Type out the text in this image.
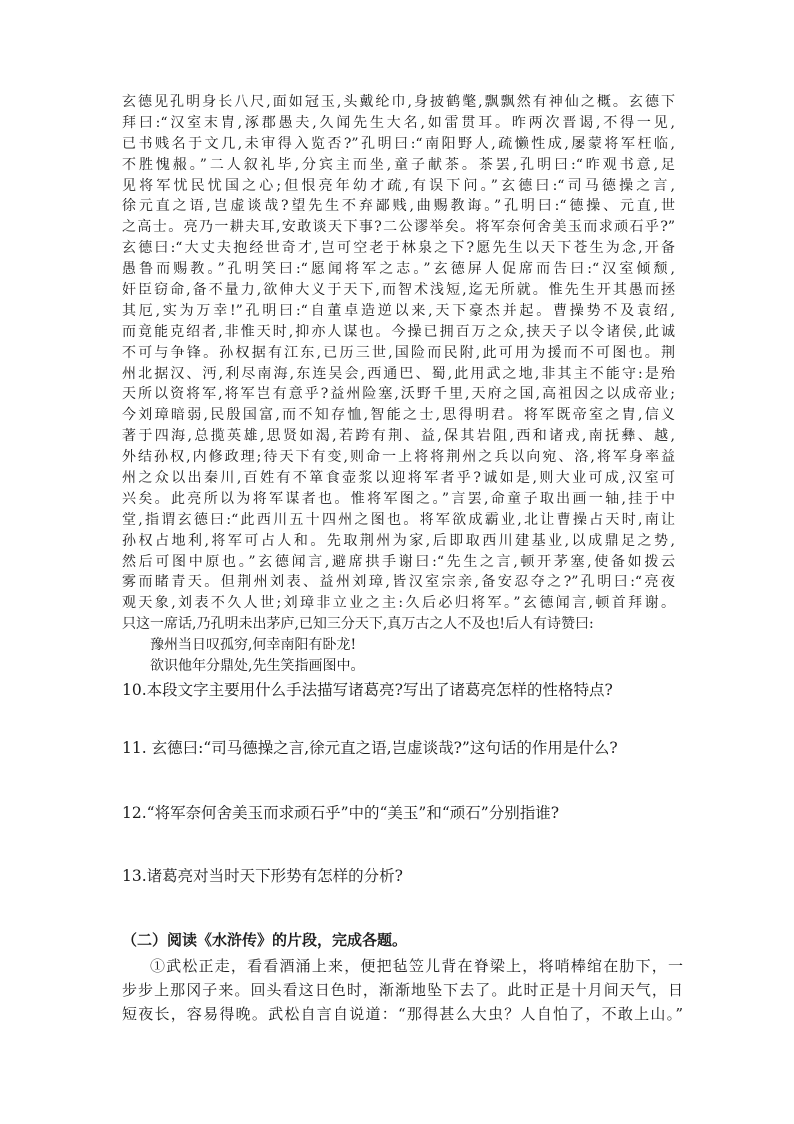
玄德见孔明身长八尺,面如冠玉,头戴纶巾,身披鹤氅,飘飘然有神仙之概。玄德下
拜曰:“汉室末胄,涿郡愚夫,久闻先生大名,如雷贯耳。昨两次晋谒,不得一见,
已书贱名于文几,未审得入览否?”孔明曰:“南阳野人,疏懒性成,屡蒙将军枉临,
不胜愧赧。”二人叙礼毕,分宾主而坐,童子献茶。茶罢,孔明曰:“昨观书意,足
见将军忧民忧国之心;但恨亮年幼才疏,有误下问。”玄德曰:“司马德操之言,
徐元直之语,岂虚谈哉?望先生不弃鄙贱,曲赐教诲。”孔明曰:“德操、元直,世
之高士。亮乃一耕夫耳,安敢谈天下事?二公谬举矣。将军奈何舍美玉而求顽石乎?”
玄德曰:“大丈夫抱经世奇才,岂可空老于林泉之下?愿先生以天下苍生为念,开备
愚鲁而赐教。”孔明笑曰:“愿闻将军之志。”玄德屏人促席而告曰:“汉室倾颓,
奸臣窃命,备不量力,欲伸大义于天下,而智术浅短,迄无所就。惟先生开其愚而拯
其厄,实为万幸!”孔明曰:“自董卓造逆以来,天下豪杰并起。曹操势不及袁绍,
而竟能克绍者,非惟天时,抑亦人谋也。今操已拥百万之众,挟天子以令诸侯,此诚
不可与争锋。孙权据有江东,已历三世,国险而民附,此可用为援而不可图也。荆
州北据汉、沔,利尽南海,东连吴会,西通巴、蜀,此用武之地,非其主不能守:是殆
天所以资将军,将军岂有意乎?益州险塞,沃野千里,天府之国,高祖因之以成帝业;
今刘璋暗弱,民殷国富,而不知存恤,智能之士,思得明君。将军既帝室之胄,信义
著于四海,总揽英雄,思贤如渴,若跨有荆、益,保其岩阻,西和诸戎,南抚彝、越,
外结孙权,内修政理;待天下有变,则命一上将将荆州之兵以向宛、洛,将军身率益
州之众以出秦川,百姓有不箪食壶浆以迎将军者乎?诚如是,则大业可成,汉室可
兴矣。此亮所以为将军谋者也。惟将军图之。”言罢,命童子取出画一轴,挂于中
堂,指谓玄德曰:“此西川五十四州之图也。将军欲成霸业,北让曹操占天时,南让
孙权占地利,将军可占人和。先取荆州为家,后即取西川建基业,以成鼎足之势,
然后可图中原也。”玄德闻言,避席拱手谢曰:“先生之言,顿开茅塞,使备如拨云
雾而睹青天。但荆州刘表、益州刘璋,皆汉室宗亲,备安忍夺之?”孔明曰:“亮夜
观天象,刘表不久人世;刘璋非立业之主:久后必归将军。”玄德闻言,顿首拜谢。
只这一席话,乃孔明未出茅庐,已知三分天下,真万古之人不及也!后人有诗赞曰:
豫州当日叹孤穷,何幸南阳有卧龙!
欲识他年分鼎处,先生笑指画图中。
10.本段文字主要用什么手法描写诸葛亮?写出了诸葛亮怎样的性格特点?
11. 玄德曰:“司马德操之言,徐元直之语,岂虚谈哉?”这句话的作用是什么?
12.“将军奈何舍美玉而求顽石乎”中的“美玉”和“顽石”分别指谁?
13.诸葛亮对当时天下形势有怎样的分析?
（二）阅读《水浒传》的片段，完成各题。
①武松正走，看看酒涌上来，便把毡笠儿背在脊梁上，将哨棒绾在肋下，一
步步上那冈子来。回头看这日色时，渐渐地坠下去了。此时正是十月间天气，日
短夜长，容易得晚。武松自言自说道：“那得甚么大虫？人自怕了，不敢上山。”
